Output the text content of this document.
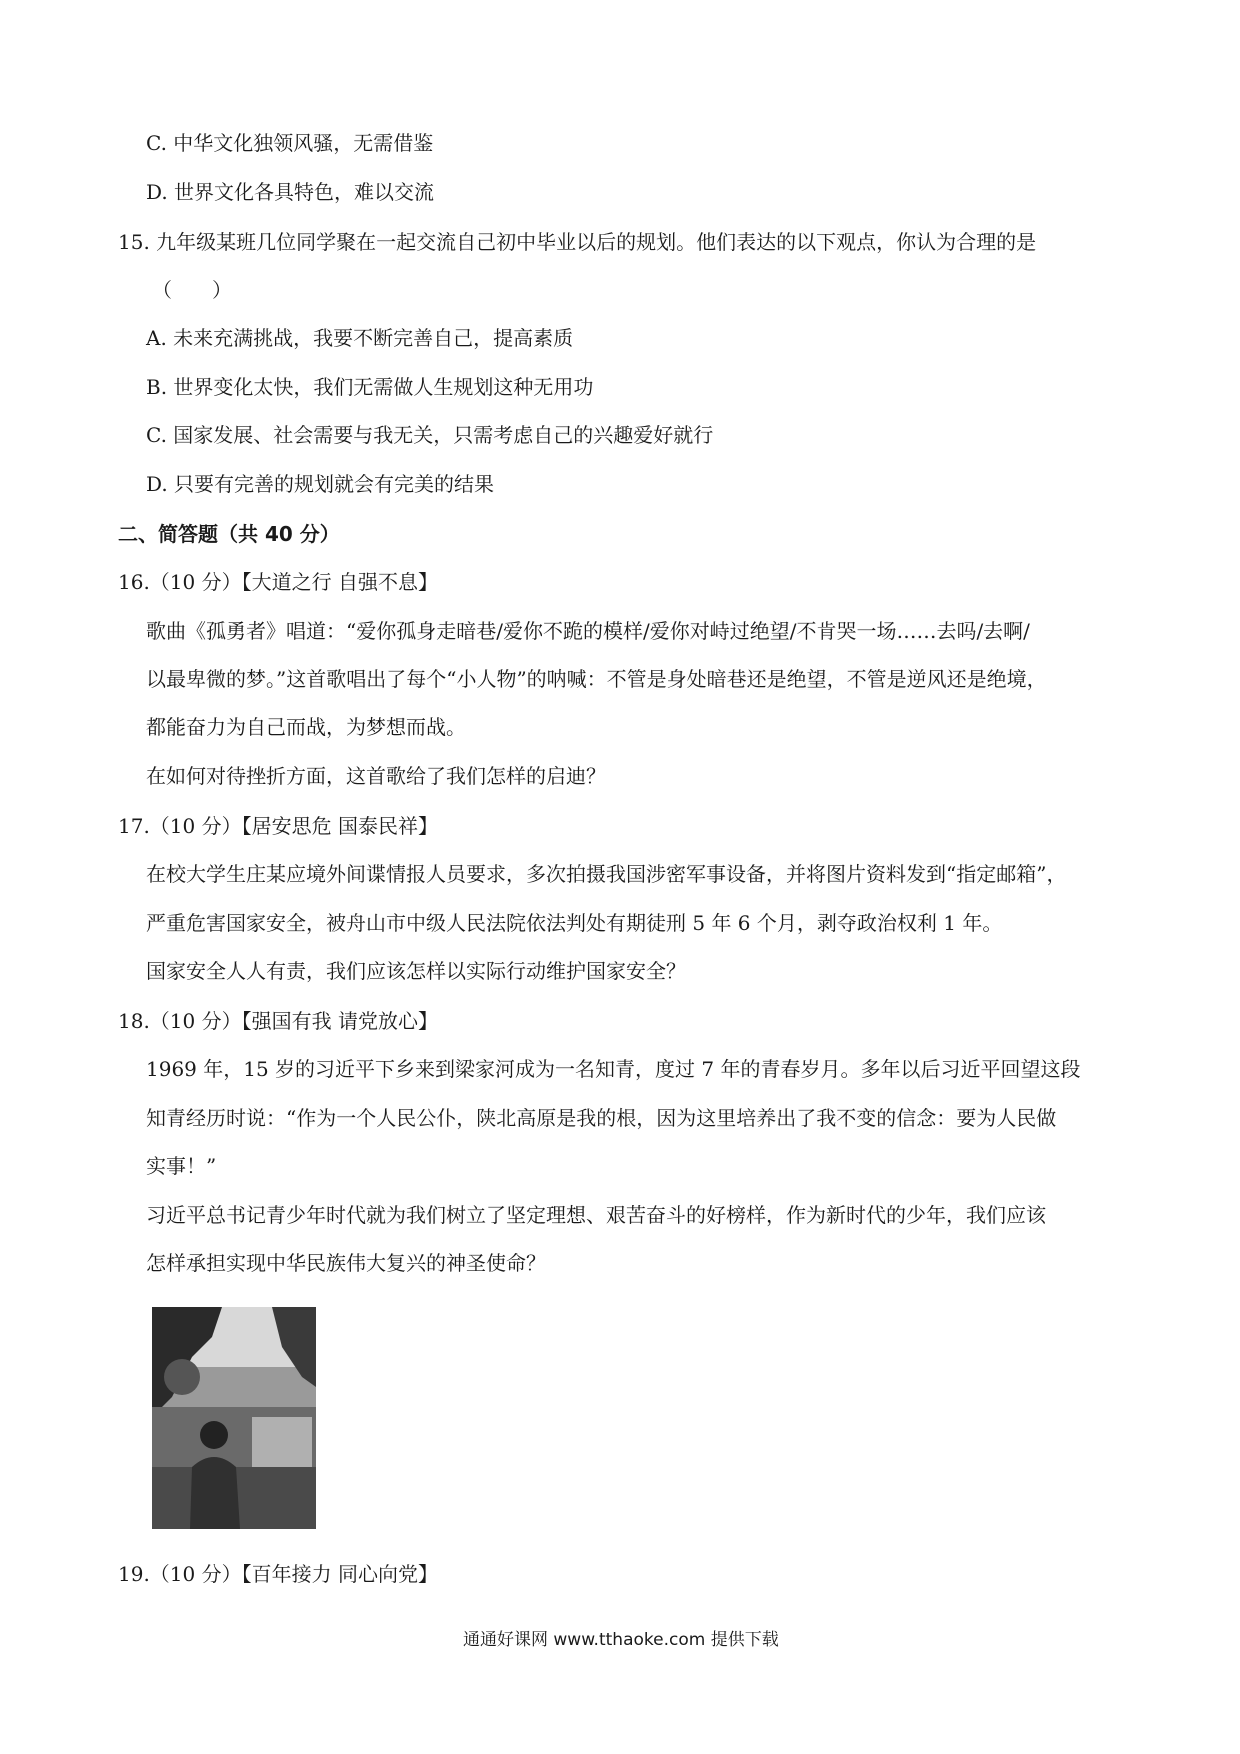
C. 中华文化独领风骚，无需借鉴
D. 世界文化各具特色，难以交流
15. 九年级某班几位同学聚在一起交流自己初中毕业以后的规划。他们表达的以下观点，你认为合理的是
（　　）
A. 未来充满挑战，我要不断完善自己，提高素质
B. 世界变化太快，我们无需做人生规划这种无用功
C. 国家发展、社会需要与我无关，只需考虑自己的兴趣爱好就行
D. 只要有完善的规划就会有完美的结果
二、简答题（共 40 分）
16.（10 分）【大道之行 自强不息】
歌曲《孤勇者》唱道：“爱你孤身走暗巷/爱你不跪的模样/爱你对峙过绝望/不肯哭一场……去吗/去啊/
以最卑微的梦。”这首歌唱出了每个“小人物”的呐喊：不管是身处暗巷还是绝望，不管是逆风还是绝境，
都能奋力为自己而战，为梦想而战。
在如何对待挫折方面，这首歌给了我们怎样的启迪？
17.（10 分）【居安思危 国泰民祥】
在校大学生庄某应境外间谍情报人员要求，多次拍摄我国涉密军事设备，并将图片资料发到“指定邮箱”，
严重危害国家安全，被舟山市中级人民法院依法判处有期徒刑 5 年 6 个月，剥夺政治权利 1 年。
国家安全人人有责，我们应该怎样以实际行动维护国家安全？
18.（10 分）【强国有我 请党放心】
1969 年，15 岁的习近平下乡来到梁家河成为一名知青，度过 7 年的青春岁月。多年以后习近平回望这段
知青经历时说：“作为一个人民公仆，陕北高原是我的根，因为这里培养出了我不变的信念：要为人民做
实事！”
习近平总书记青少年时代就为我们树立了坚定理想、艰苦奋斗的好榜样，作为新时代的少年，我们应该
怎样承担实现中华民族伟大复兴的神圣使命？
19.（10 分）【百年接力 同心向党】
通通好课网 www.tthaoke.com 提供下载
